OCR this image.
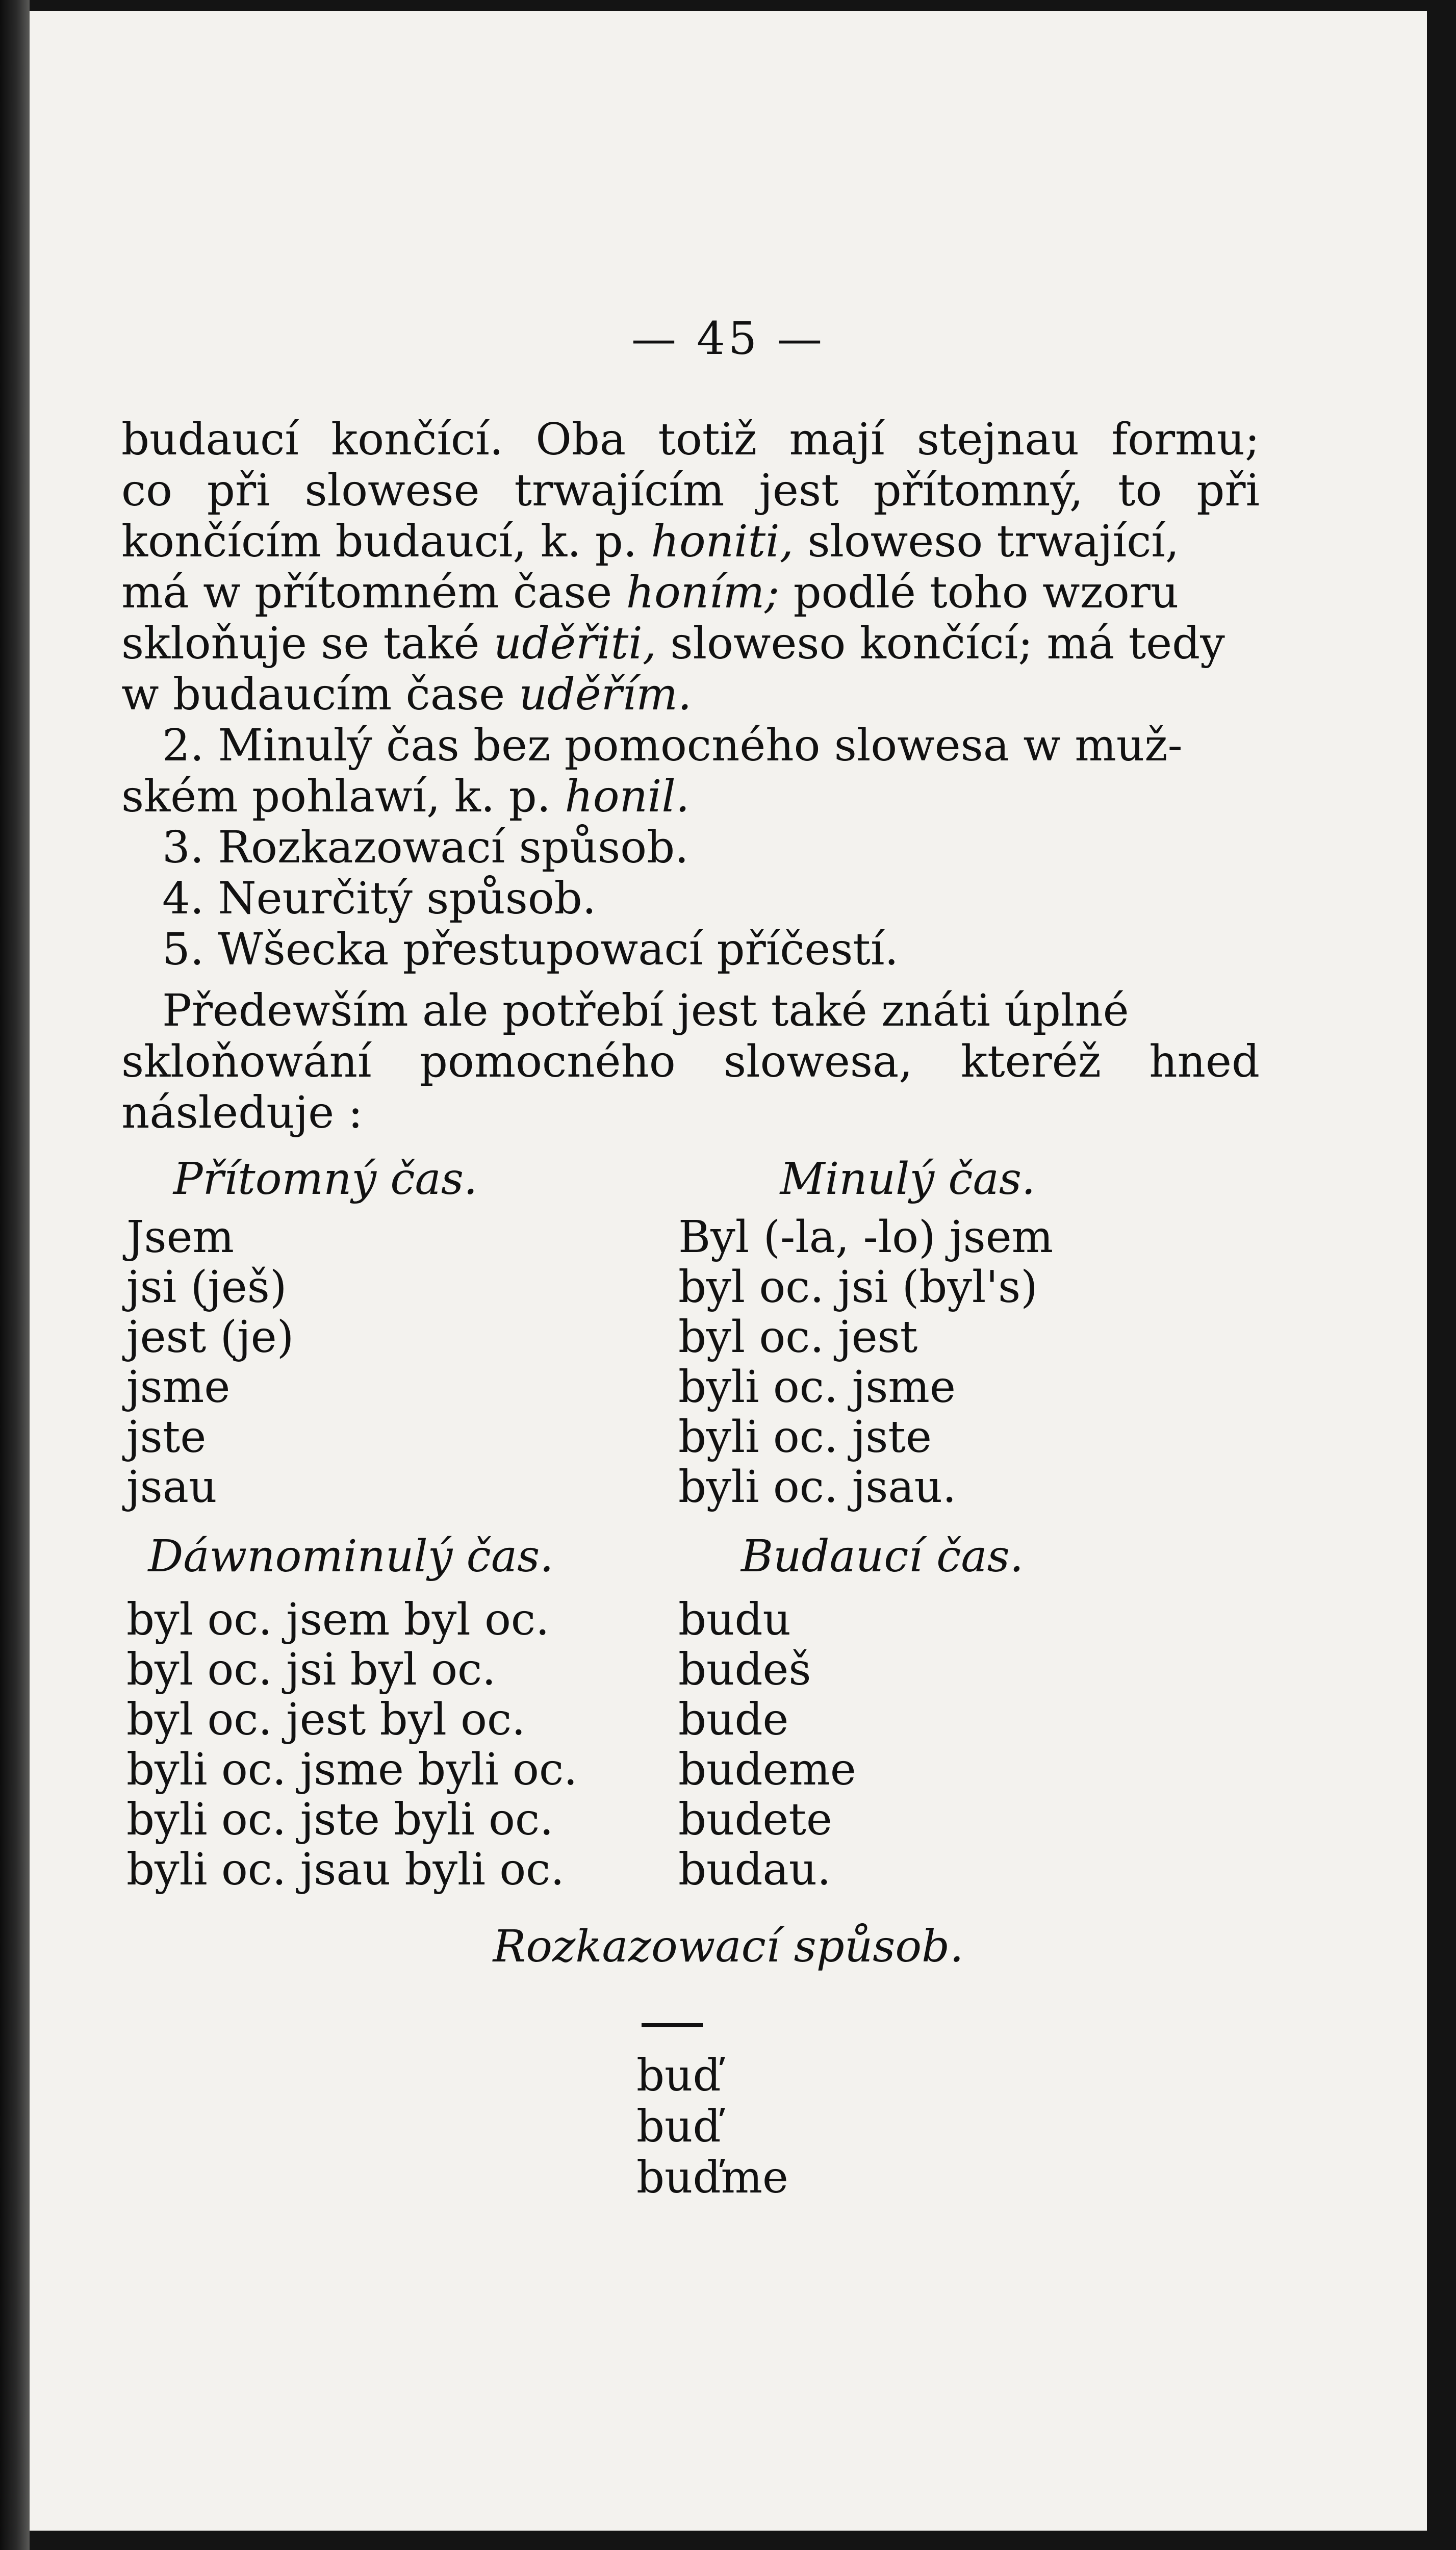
— 45 —
budaucí končící. Oba totiž mají stejnau formu;
co při slowese trwajícím jest přítomný, to při
končícím budaucí, k. p. honiti, sloweso trwající,
má w přítomném čase honím; podlé toho wzoru
skloňuje se také uděřiti, sloweso končící; má tedy
w budaucím čase uděřím.
2. Minulý čas bez pomocného slowesa w muž-
ském pohlawí, k. p. honil.
3. Rozkazowací spůsob.
4. Neurčitý spůsob.
5. Wšecka přestupowací příčestí.
Předewším ale potřebí jest také znáti úplné
skloňowání pomocného slowesa, kteréž hned
následuje :
Přítomný čas.	Minulý čas.
Jsem
jsi (ješ)
jest (je)
jsme
jste
jsau
Byl (-la, -lo) jsem
byl oc. jsi (byl's)
byl oc. jest
byli oc. jsme
byli oc. jste
byli oc. jsau.
Dáwnominulý čas.	Budaucí čas.
byl oc. jsem byl oc.
byl oc. jsi byl oc.
byl oc. jest byl oc.
byli oc. jsme byli oc.
byli oc. jste byli oc.
byli oc. jsau byli oc.
budu
budeš
bude
budeme
budete
budau.
Rozkazowací spůsob.
buď
buď
buďme
